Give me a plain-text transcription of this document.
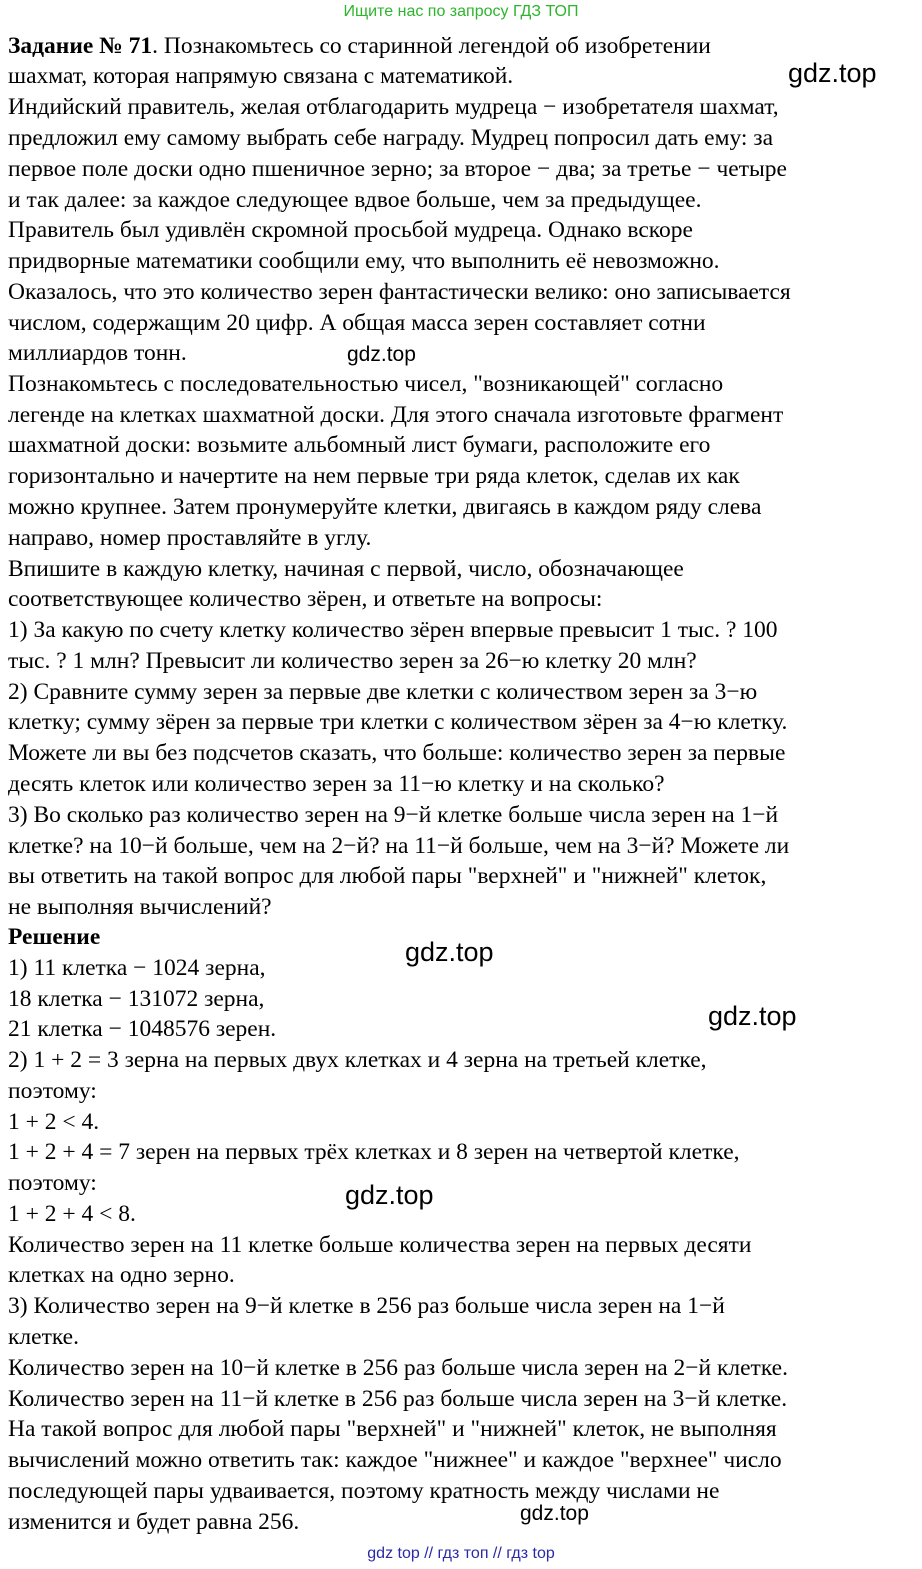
Ищите нас по запросу ГДЗ ТОП
Задание № 71. Познакомьтесь со старинной легендой об изобретении
шахмат, которая напрямую связана с математикой.
Индийский правитель, желая отблагодарить мудреца − изобретателя шахмат,
предложил ему самому выбрать себе награду. Мудрец попросил дать ему: за
первое поле доски одно пшеничное зерно; за второе − два; за третье − четыре
и так далее: за каждое следующее вдвое больше, чем за предыдущее.
Правитель был удивлён скромной просьбой мудреца. Однако вскоре
придворные математики сообщили ему, что выполнить её невозможно.
Оказалось, что это количество зерен фантастически велико: оно записывается
числом, содержащим 20 цифр. А общая масса зерен составляет сотни
миллиардов тонн.
Познакомьтесь с последовательностью чисел, "возникающей" согласно
легенде на клетках шахматной доски. Для этого сначала изготовьте фрагмент
шахматной доски: возьмите альбомный лист бумаги, расположите его
горизонтально и начертите на нем первые три ряда клеток, сделав их как
можно крупнее. Затем пронумеруйте клетки, двигаясь в каждом ряду слева
направо, номер проставляйте в углу.
Впишите в каждую клетку, начиная с первой, число, обозначающее
соответствующее количество зёрен, и ответьте на вопросы:
1) За какую по счету клетку количество зёрен впервые превысит 1 тыс. ? 100
тыс. ? 1 млн? Превысит ли количество зерен за 26−ю клетку 20 млн?
2) Сравните сумму зерен за первые две клетки с количеством зерен за 3−ю
клетку; сумму зёрен за первые три клетки с количеством зёрен за 4−ю клетку.
Можете ли вы без подсчетов сказать, что больше: количество зерен за первые
десять клеток или количество зерен за 11−ю клетку и на сколько?
3) Во сколько раз количество зерен на 9−й клетке больше числа зерен на 1−й
клетке? на 10−й больше, чем на 2−й? на 11−й больше, чем на 3−й? Можете ли
вы ответить на такой вопрос для любой пары "верхней" и "нижней" клеток,
не выполняя вычислений?
Решение
1) 11 клетка − 1024 зерна,
18 клетка − 131072 зерна,
21 клетка − 1048576 зерен.
2) 1 + 2 = 3 зерна на первых двух клетках и 4 зерна на третьей клетке,
поэтому:
1 + 2 < 4.
1 + 2 + 4 = 7 зерен на первых трёх клетках и 8 зерен на четвертой клетке,
поэтому:
1 + 2 + 4 < 8.
Количество зерен на 11 клетке больше количества зерен на первых десяти
клетках на одно зерно.
3) Количество зерен на 9−й клетке в 256 раз больше числа зерен на 1−й
клетке.
Количество зерен на 10−й клетке в 256 раз больше числа зерен на 2−й клетке.
Количество зерен на 11−й клетке в 256 раз больше числа зерен на 3−й клетке.
На такой вопрос для любой пары "верхней" и "нижней" клеток, не выполняя
вычислений можно ответить так: каждое "нижнее" и каждое "верхнее" число
последующей пары удваивается, поэтому кратность между числами не
изменится и будет равна 256.
gdz.top
gdz.top
gdz.top
gdz.top
gdz.top
gdz.top
gdz top // гдз топ // гдз top
